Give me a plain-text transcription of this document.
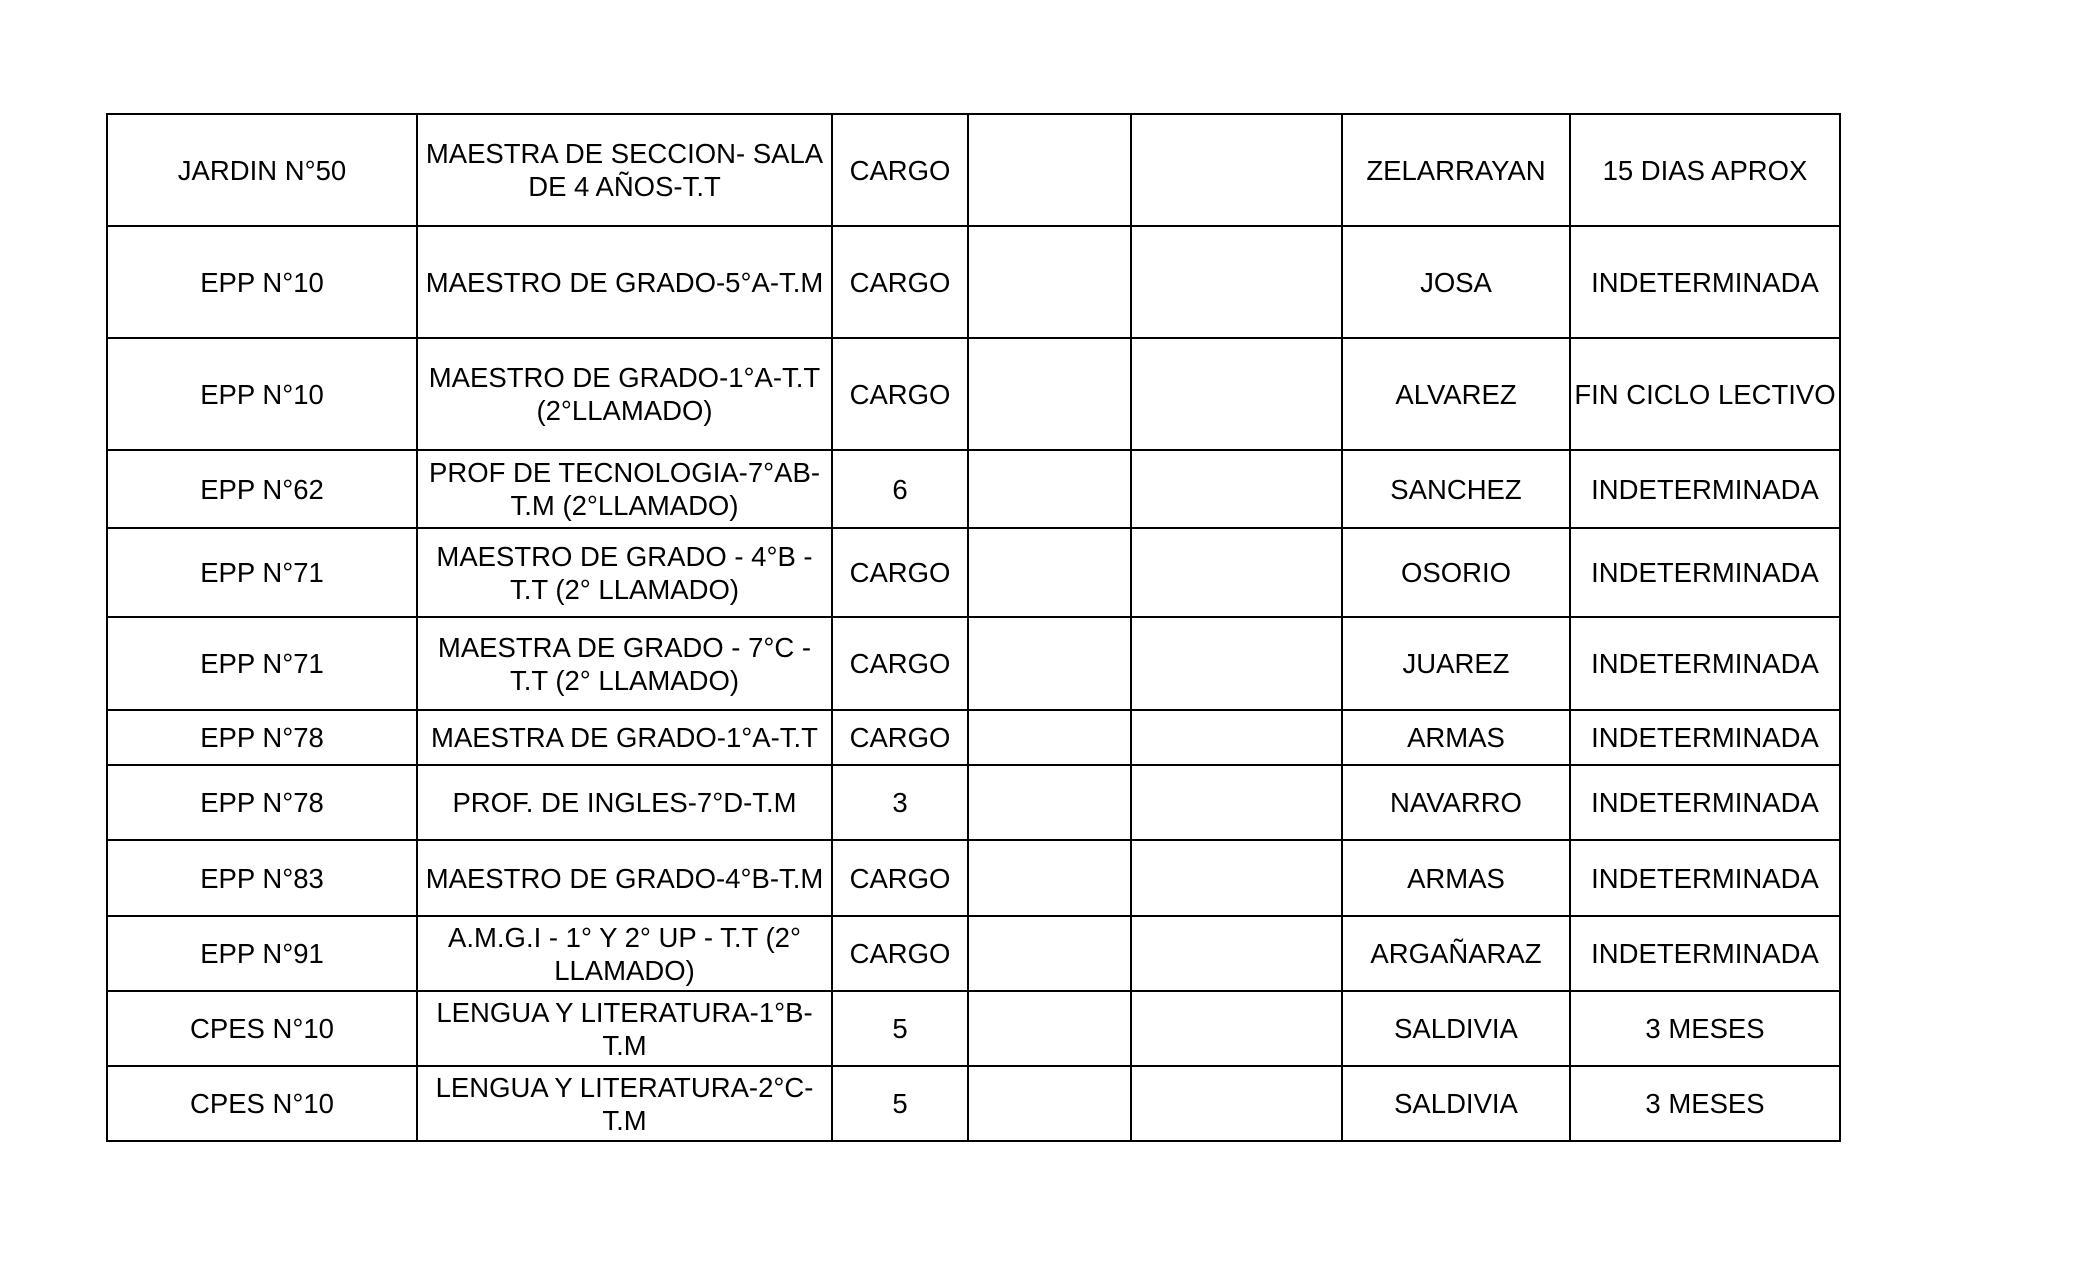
JARDIN N°50	MAESTRA DE SECCION- SALA DE 4 AÑOS-T.T	CARGO			ZELARRAYAN	15 DIAS APROX
EPP N°10	MAESTRO DE GRADO-5°A-T.M	CARGO			JOSA	INDETERMINADA
EPP N°10	MAESTRO DE GRADO-1°A-T.T (2°LLAMADO)	CARGO			ALVAREZ	FIN CICLO LECTIVO
EPP N°62	PROF DE TECNOLOGIA-7°AB-T.M (2°LLAMADO)	6			SANCHEZ	INDETERMINADA
EPP N°71	MAESTRO DE GRADO - 4°B - T.T (2° LLAMADO)	CARGO			OSORIO	INDETERMINADA
EPP N°71	MAESTRA DE GRADO - 7°C - T.T (2° LLAMADO)	CARGO			JUAREZ	INDETERMINADA
EPP N°78	MAESTRA DE GRADO-1°A-T.T	CARGO			ARMAS	INDETERMINADA
EPP N°78	PROF. DE INGLES-7°D-T.M	3			NAVARRO	INDETERMINADA
EPP N°83	MAESTRO DE GRADO-4°B-T.M	CARGO			ARMAS	INDETERMINADA
EPP N°91	A.M.G.I - 1° Y 2° UP - T.T (2° LLAMADO)	CARGO			ARGAÑARAZ	INDETERMINADA
CPES N°10	LENGUA Y LITERATURA-1°B-T.M	5			SALDIVIA	3 MESES
CPES N°10	LENGUA Y LITERATURA-2°C-T.M	5			SALDIVIA	3 MESES
